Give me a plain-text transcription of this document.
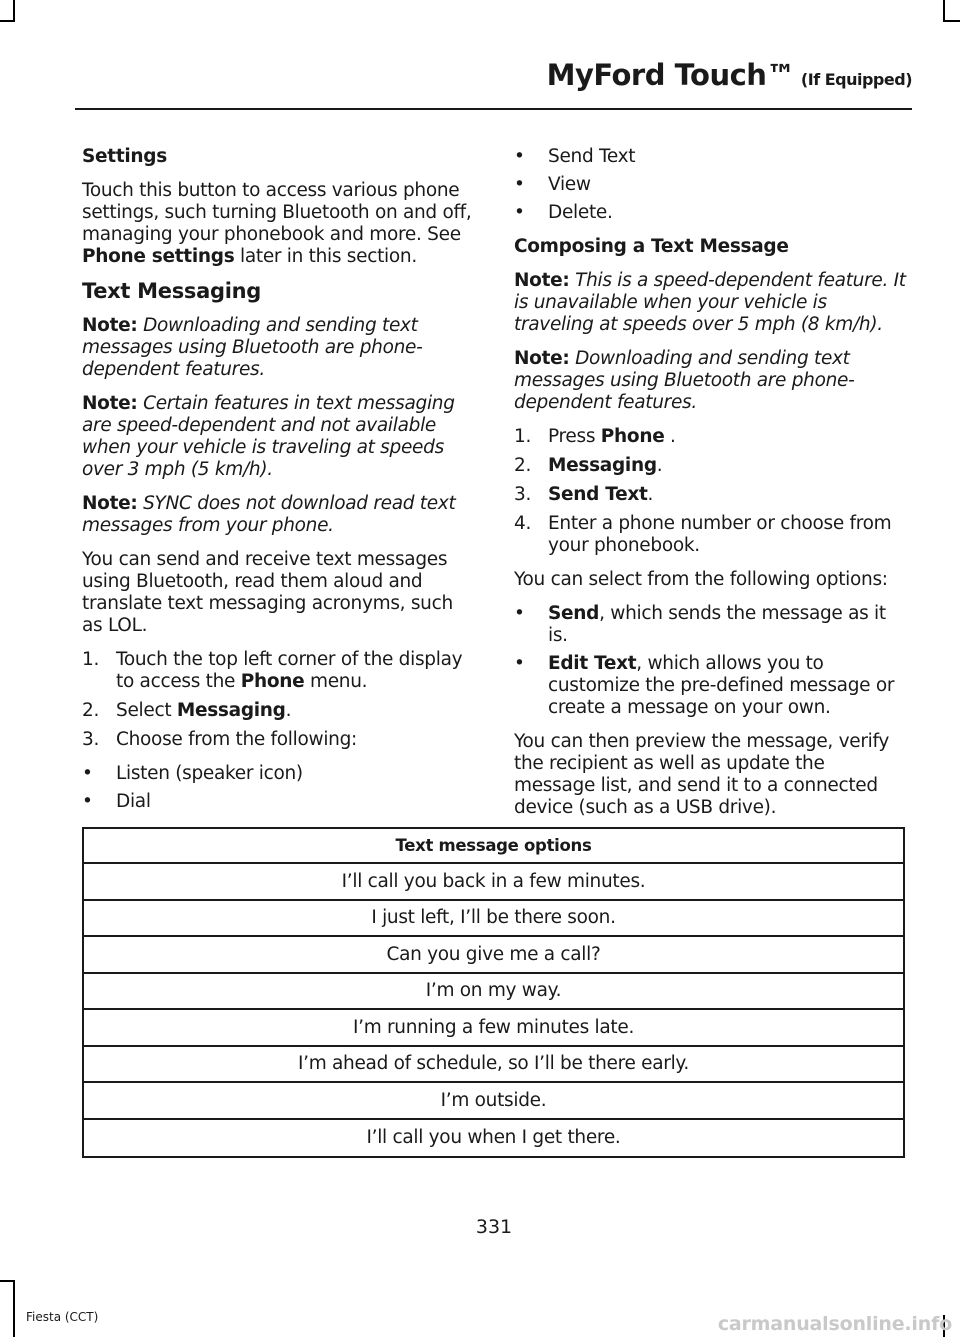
MyFord Touch™ (If Equipped)
Settings

Touch this button to access various phone settings, such turning Bluetooth on and off, managing your phonebook and more. See Phone settings later in this section.

Text Messaging

Note: Downloading and sending text messages using Bluetooth are phone-dependent features.

Note: Certain features in text messaging are speed-dependent and not available when your vehicle is traveling at speeds over 3 mph (5 km/h).

Note: SYNC does not download read text messages from your phone.

You can send and receive text messages using Bluetooth, read them aloud and translate text messaging acronyms, such as LOL.

1. Touch the top left corner of the display to access the Phone menu.
2. Select Messaging.
3. Choose from the following:
• Listen (speaker icon)
• Dial
• Send Text
• View
• Delete.
Composing a Text Message

Note: This is a speed-dependent feature. It is unavailable when your vehicle is traveling at speeds over 5 mph (8 km/h).

Note: Downloading and sending text messages using Bluetooth are phone-dependent features.

1. Press Phone .
2. Messaging.
3. Send Text.
4. Enter a phone number or choose from your phonebook.

You can select from the following options:

• Send, which sends the message as it is.
• Edit Text, which allows you to customize the pre-defined message or create a message on your own.

You can then preview the message, verify the recipient as well as update the message list, and send it to a connected device (such as a USB drive).

Text message options
I’ll call you back in a few minutes.
I just left, I’ll be there soon.
Can you give me a call?
I’m on my way.
I’m running a few minutes late.
I’m ahead of schedule, so I’ll be there early.
I’m outside.
I’ll call you when I get there.
331
Fiesta (CCT)	carmanualsonline.info
